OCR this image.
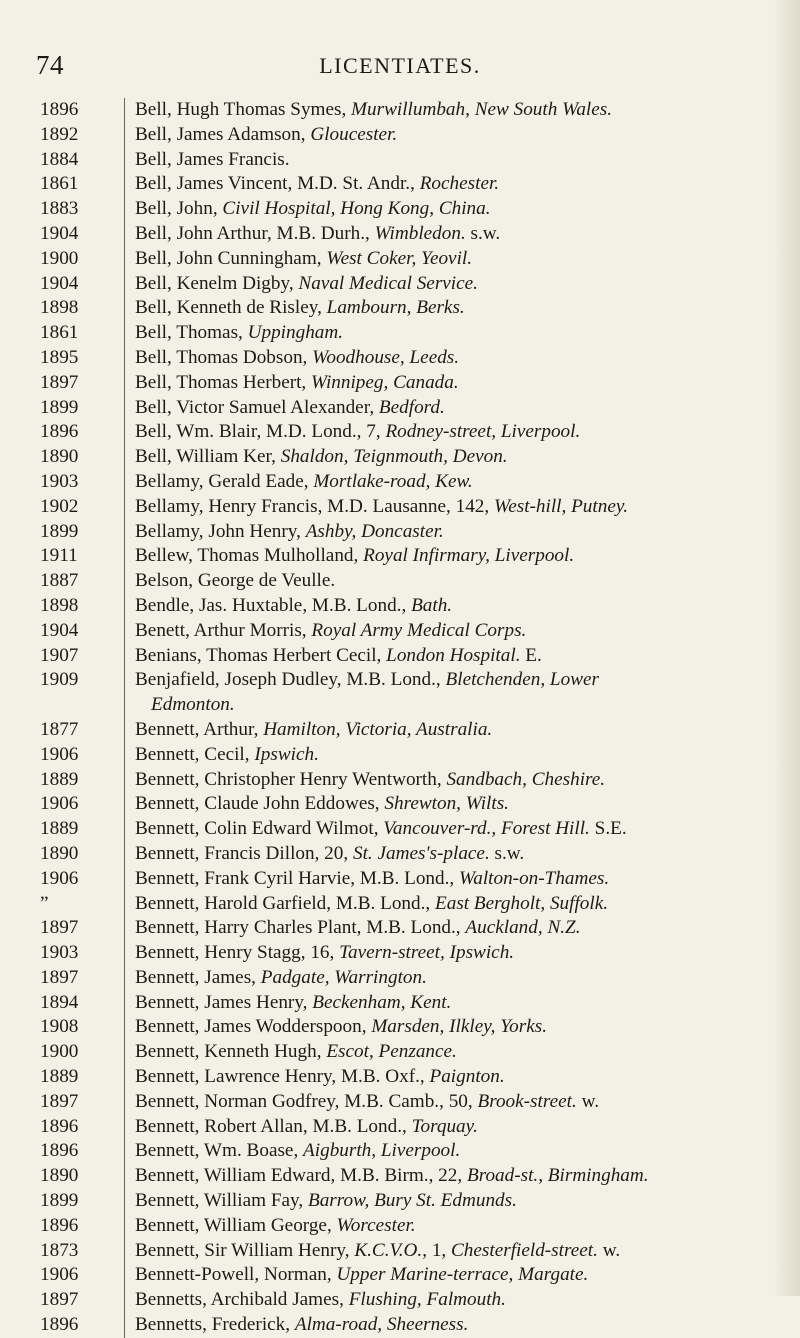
74	LICENTIATES.
1896	Bell, Hugh Thomas Symes, Murwillumbah, New South Wales.
1892	Bell, James Adamson, Gloucester.
1884	Bell, James Francis.
1861	Bell, James Vincent, M.D. St. Andr., Rochester.
1883	Bell, John, Civil Hospital, Hong Kong, China.
1904	Bell, John Arthur, M.B. Durh., Wimbledon. s.w.
1900	Bell, John Cunningham, West Coker, Yeovil.
1904	Bell, Kenelm Digby, Naval Medical Service.
1898	Bell, Kenneth de Risley, Lambourn, Berks.
1861	Bell, Thomas, Uppingham.
1895	Bell, Thomas Dobson, Woodhouse, Leeds.
1897	Bell, Thomas Herbert, Winnipeg, Canada.
1899	Bell, Victor Samuel Alexander, Bedford.
1896	Bell, Wm. Blair, M.D. Lond., 7, Rodney-street, Liverpool.
1890	Bell, William Ker, Shaldon, Teignmouth, Devon.
1903	Bellamy, Gerald Eade, Mortlake-road, Kew.
1902	Bellamy, Henry Francis, M.D. Lausanne, 142, West-hill, Putney.
1899	Bellamy, John Henry, Ashby, Doncaster.
1911	Bellew, Thomas Mulholland, Royal Infirmary, Liverpool.
1887	Belson, George de Veulle.
1898	Bendle, Jas. Huxtable, M.B. Lond., Bath.
1904	Benett, Arthur Morris, Royal Army Medical Corps.
1907	Benians, Thomas Herbert Cecil, London Hospital. E.
1909	Benjafield, Joseph Dudley, M.B. Lond., Bletchenden, Lower
Edmonton.
1877	Bennett, Arthur, Hamilton, Victoria, Australia.
1906	Bennett, Cecil, Ipswich.
1889	Bennett, Christopher Henry Wentworth, Sandbach, Cheshire.
1906	Bennett, Claude John Eddowes, Shrewton, Wilts.
1889	Bennett, Colin Edward Wilmot, Vancouver-rd., Forest Hill. S.E.
1890	Bennett, Francis Dillon, 20, St. James's-place. s.w.
1906	Bennett, Frank Cyril Harvie, M.B. Lond., Walton-on-Thames.
”	Bennett, Harold Garfield, M.B. Lond., East Bergholt, Suffolk.
1897	Bennett, Harry Charles Plant, M.B. Lond., Auckland, N.Z.
1903	Bennett, Henry Stagg, 16, Tavern-street, Ipswich.
1897	Bennett, James, Padgate, Warrington.
1894	Bennett, James Henry, Beckenham, Kent.
1908	Bennett, James Wodderspoon, Marsden, Ilkley, Yorks.
1900	Bennett, Kenneth Hugh, Escot, Penzance.
1889	Bennett, Lawrence Henry, M.B. Oxf., Paignton.
1897	Bennett, Norman Godfrey, M.B. Camb., 50, Brook-street. w.
1896	Bennett, Robert Allan, M.B. Lond., Torquay.
1896	Bennett, Wm. Boase, Aigburth, Liverpool.
1890	Bennett, William Edward, M.B. Birm., 22, Broad-st., Birmingham.
1899	Bennett, William Fay, Barrow, Bury St. Edmunds.
1896	Bennett, William George, Worcester.
1873	Bennett, Sir William Henry, K.C.V.O., 1, Chesterfield-street. w.
1906	Bennett-Powell, Norman, Upper Marine-terrace, Margate.
1897	Bennetts, Archibald James, Flushing, Falmouth.
1896	Bennetts, Frederick, Alma-road, Sheerness.
